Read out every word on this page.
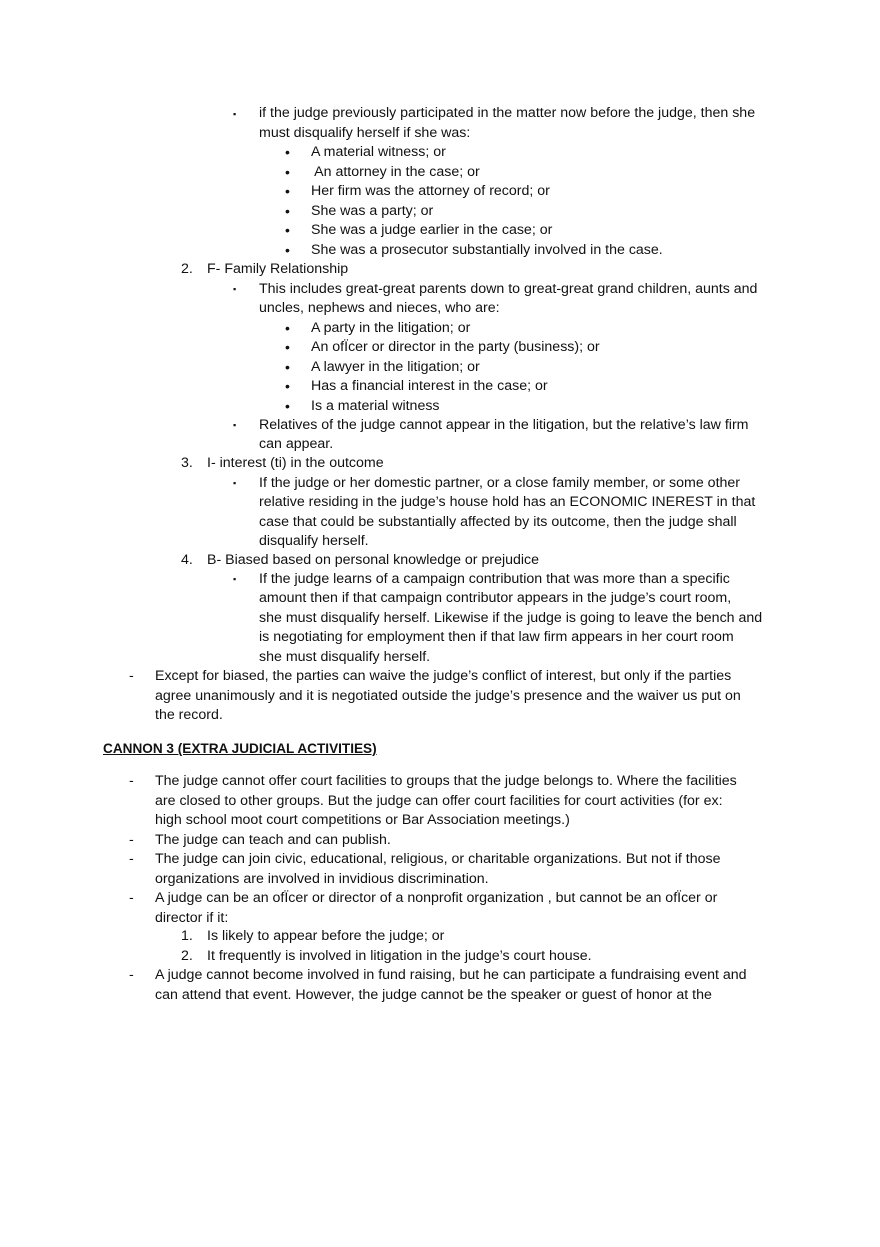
▪ if the judge previously participated in the matter now before the judge, then she
must disqualify herself if she was:
• A material witness; or
• An attorney in the case; or
• Her firm was the attorney of record; or
• She was a party; or
• She was a judge earlier in the case; or
• She was a prosecutor substantially involved in the case.
2. F- Family Relationship
▪ This includes great-great parents down to great-great grand children, aunts and
uncles, nephews and nieces, who are:
• A party in the litigation; or
• An ofÏcer or director in the party (business); or
• A lawyer in the litigation; or
• Has a financial interest in the case; or
• Is a material witness
▪ Relatives of the judge cannot appear in the litigation, but the relative’s law firm
can appear.
3. I- interest (ti) in the outcome
▪ If the judge or her domestic partner, or a close family member, or some other
relative residing in the judge’s house hold has an ECONOMIC INEREST in that
case that could be substantially affected by its outcome, then the judge shall
disqualify herself.
4. B- Biased based on personal knowledge or prejudice
▪ If the judge learns of a campaign contribution that was more than a specific
amount then if that campaign contributor appears in the judge’s court room,
she must disqualify herself. Likewise if the judge is going to leave the bench and
is negotiating for employment then if that law firm appears in her court room
she must disqualify herself.
- Except for biased, the parties can waive the judge’s conflict of interest, but only if the parties
agree unanimously and it is negotiated outside the judge’s presence and the waiver us put on
the record.
CANNON 3 (EXTRA JUDICIAL ACTIVITIES)
- The judge cannot offer court facilities to groups that the judge belongs to. Where the facilities
are closed to other groups. But the judge can offer court facilities for court activities (for ex:
high school moot court competitions or Bar Association meetings.)
- The judge can teach and can publish.
- The judge can join civic, educational, religious, or charitable organizations. But not if those
organizations are involved in invidious discrimination.
- A judge can be an ofÏcer or director of a nonprofit organization , but cannot be an ofÏcer or
director if it:
1. Is likely to appear before the judge; or
2. It frequently is involved in litigation in the judge’s court house.
- A judge cannot become involved in fund raising, but he can participate a fundraising event and
can attend that event. However, the judge cannot be the speaker or guest of honor at the
